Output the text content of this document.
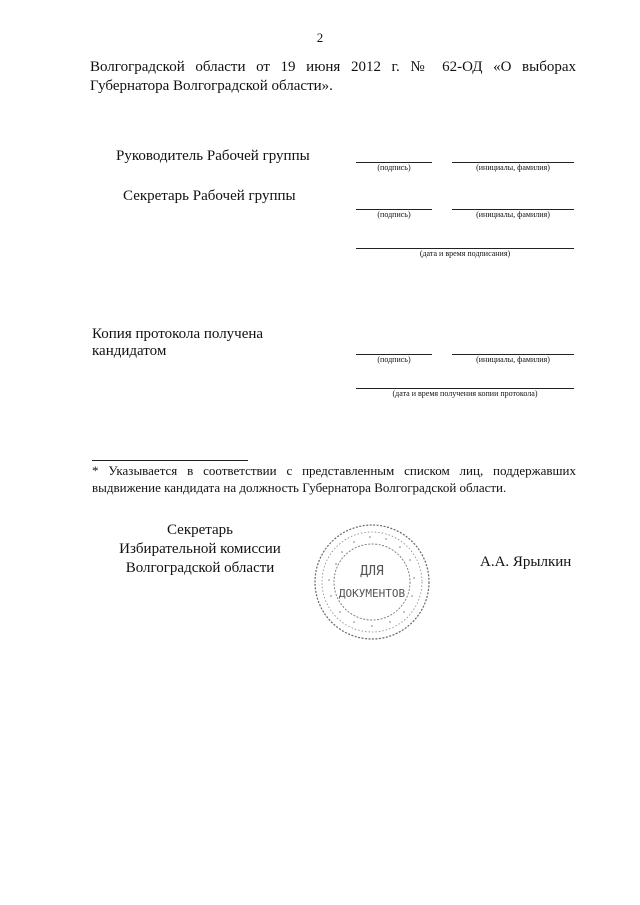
2
Волгоградской области от 19 июня 2012 г. № 62-ОД «О выборах Губернатора Волгоградской области».
Руководитель Рабочей группы
(подпись)	(инициалы, фамилия)
Секретарь Рабочей группы
(подпись)	(инициалы, фамилия)
(дата и время подписания)
Копия протокола получена
кандидатом
(подпись)	(инициалы, фамилия)
(дата и время получения копии протокола)
* Указывается в соответствии с представленным списком лиц, поддержавших выдвижение кандидата на должность Губернатора Волгоградской области.
Секретарь
Избирательной комиссии
Волгоградской области	ДЛЯ
ДОКУМЕНТОВ
А.А. Ярылкин
